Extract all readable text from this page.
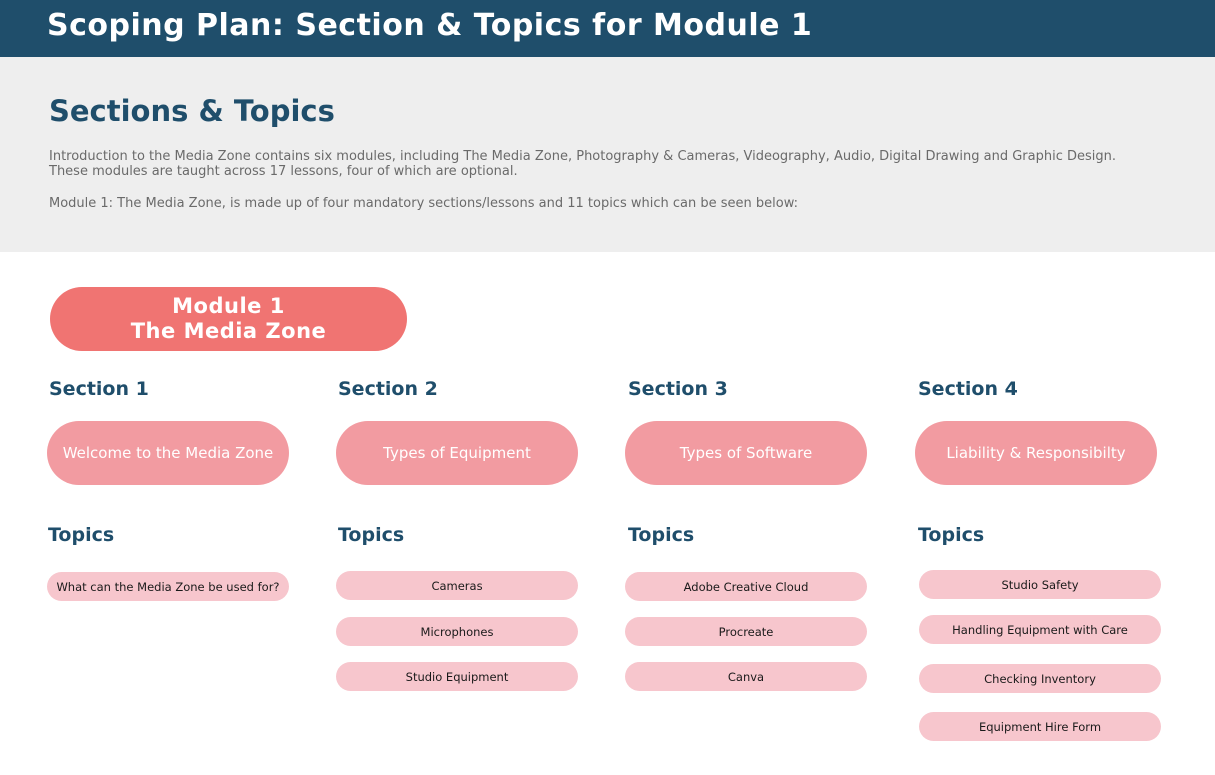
Scoping Plan: Section & Topics for Module 1
Sections & Topics
Introduction to the Media Zone contains six modules, including The Media Zone, Photography & Cameras, Videography, Audio, Digital Drawing and Graphic Design. These modules are taught across 17 lessons, four of which are optional.
Module 1: The Media Zone, is made up of four mandatory sections/lessons and 11 topics which can be seen below:
Module 1
The Media Zone
Section 1
Welcome to the Media Zone
Topics
What can the Media Zone be used for?
Section 2
Types of Equipment
Topics
Cameras
Microphones
Studio Equipment
Section 3
Types of Software
Topics
Adobe Creative Cloud
Procreate
Canva
Section 4
Liability & Responsibilty
Topics
Studio Safety
Handling Equipment with Care
Checking Inventory
Equipment Hire Form
